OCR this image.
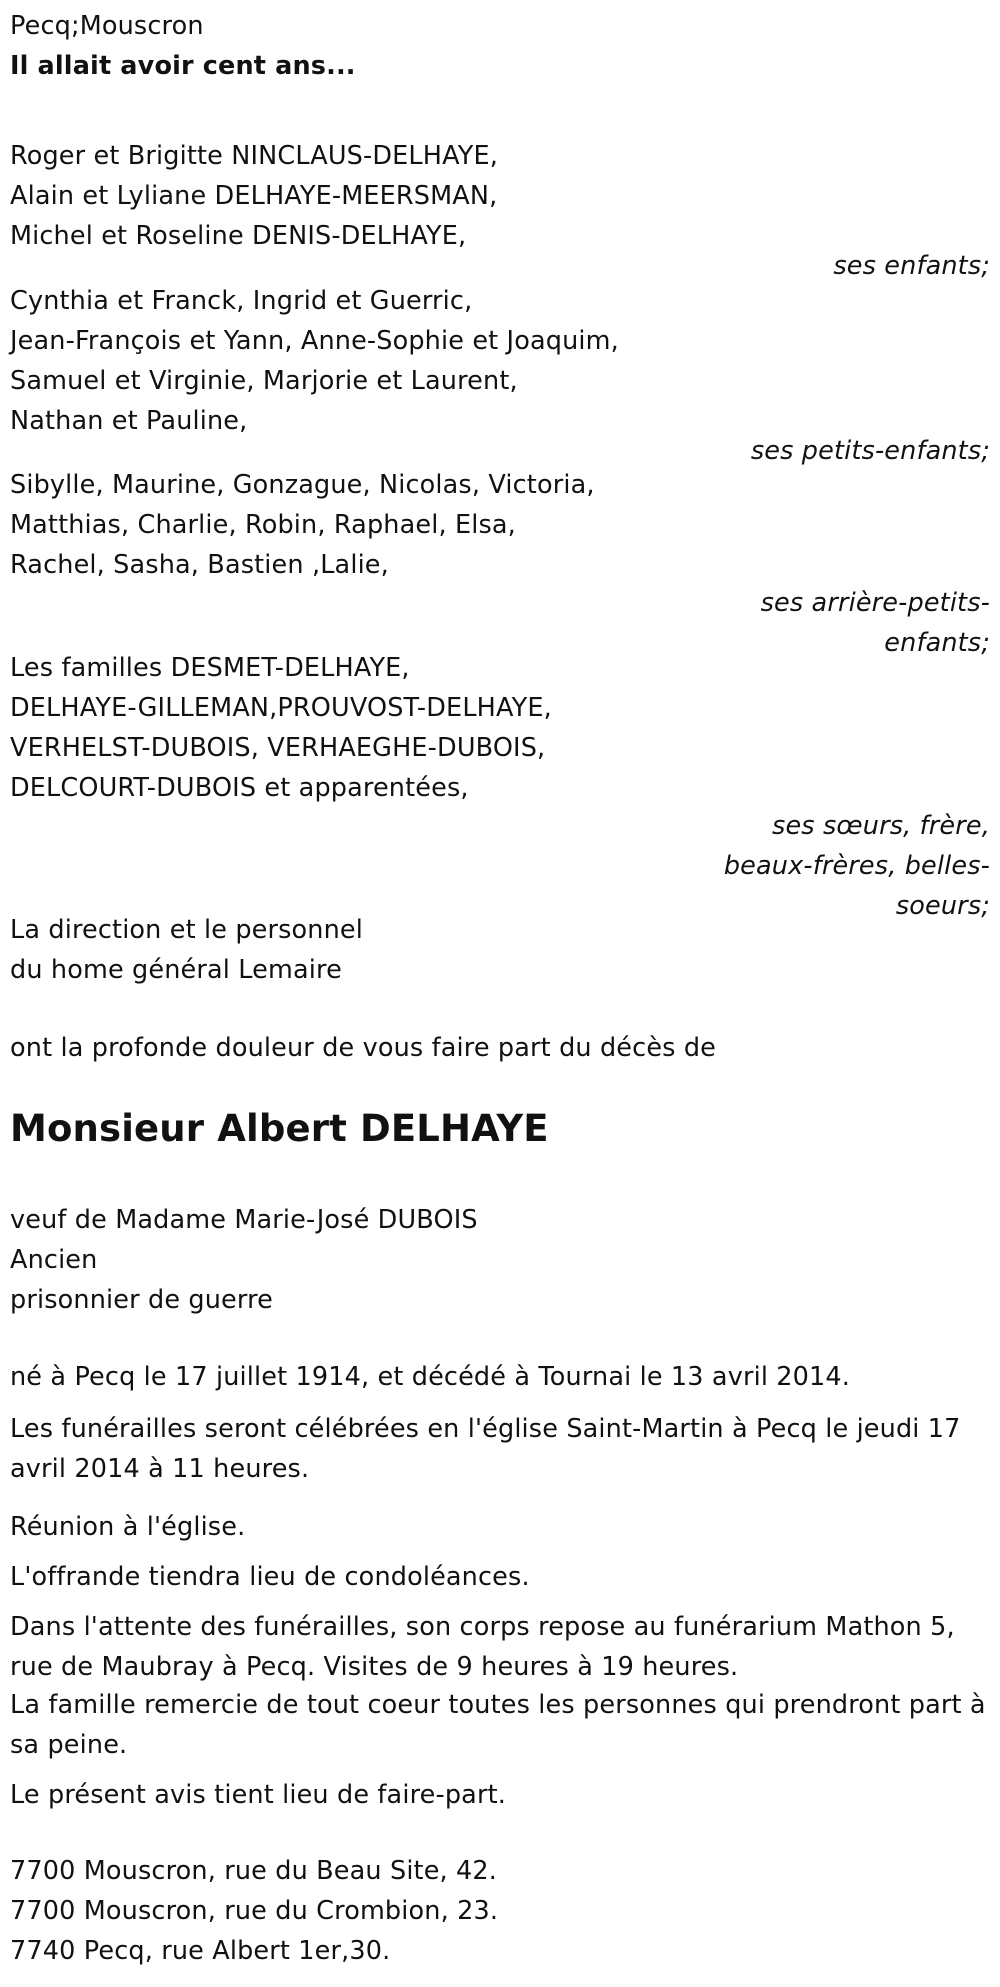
Pecq;Mouscron
Il allait avoir cent ans...
Roger et Brigitte NINCLAUS-DELHAYE,
Alain et Lyliane DELHAYE-MEERSMAN,
Michel et Roseline DENIS-DELHAYE,
ses enfants;
Cynthia et Franck, Ingrid et Guerric,
Jean-François et Yann, Anne-Sophie et Joaquim,
Samuel et Virginie, Marjorie et Laurent,
Nathan et Pauline,
ses petits-enfants;
Sibylle, Maurine, Gonzague, Nicolas, Victoria,
Matthias, Charlie, Robin, Raphael, Elsa,
Rachel, Sasha, Bastien ,Lalie,
ses arrière-petits-
enfants;
Les familles DESMET-DELHAYE,
DELHAYE-GILLEMAN,PROUVOST-DELHAYE,
VERHELST-DUBOIS, VERHAEGHE-DUBOIS,
DELCOURT-DUBOIS et apparentées,
ses sœurs, frère,
beaux-frères, belles-
soeurs;
La direction et le personnel
du home général Lemaire
ont la profonde douleur de vous faire part du décès de
Monsieur Albert DELHAYE
veuf de Madame Marie-José DUBOIS
Ancien
prisonnier de guerre
né à Pecq le 17 juillet 1914, et décédé à Tournai le 13 avril 2014.
Les funérailles seront célébrées en l'église Saint-Martin à Pecq le jeudi 17 avril 2014 à 11 heures.
Réunion à l'église.
L'offrande tiendra lieu de condoléances.
Dans l'attente des funérailles, son corps repose au funérarium Mathon 5, rue de Maubray à Pecq. Visites de 9 heures à 19 heures.
La famille remercie de tout coeur toutes les personnes qui prendront part à sa peine.
Le présent avis tient lieu de faire-part.
7700 Mouscron, rue du Beau Site, 42.
7700 Mouscron, rue du Crombion, 23.
7740 Pecq, rue Albert 1er,30.
